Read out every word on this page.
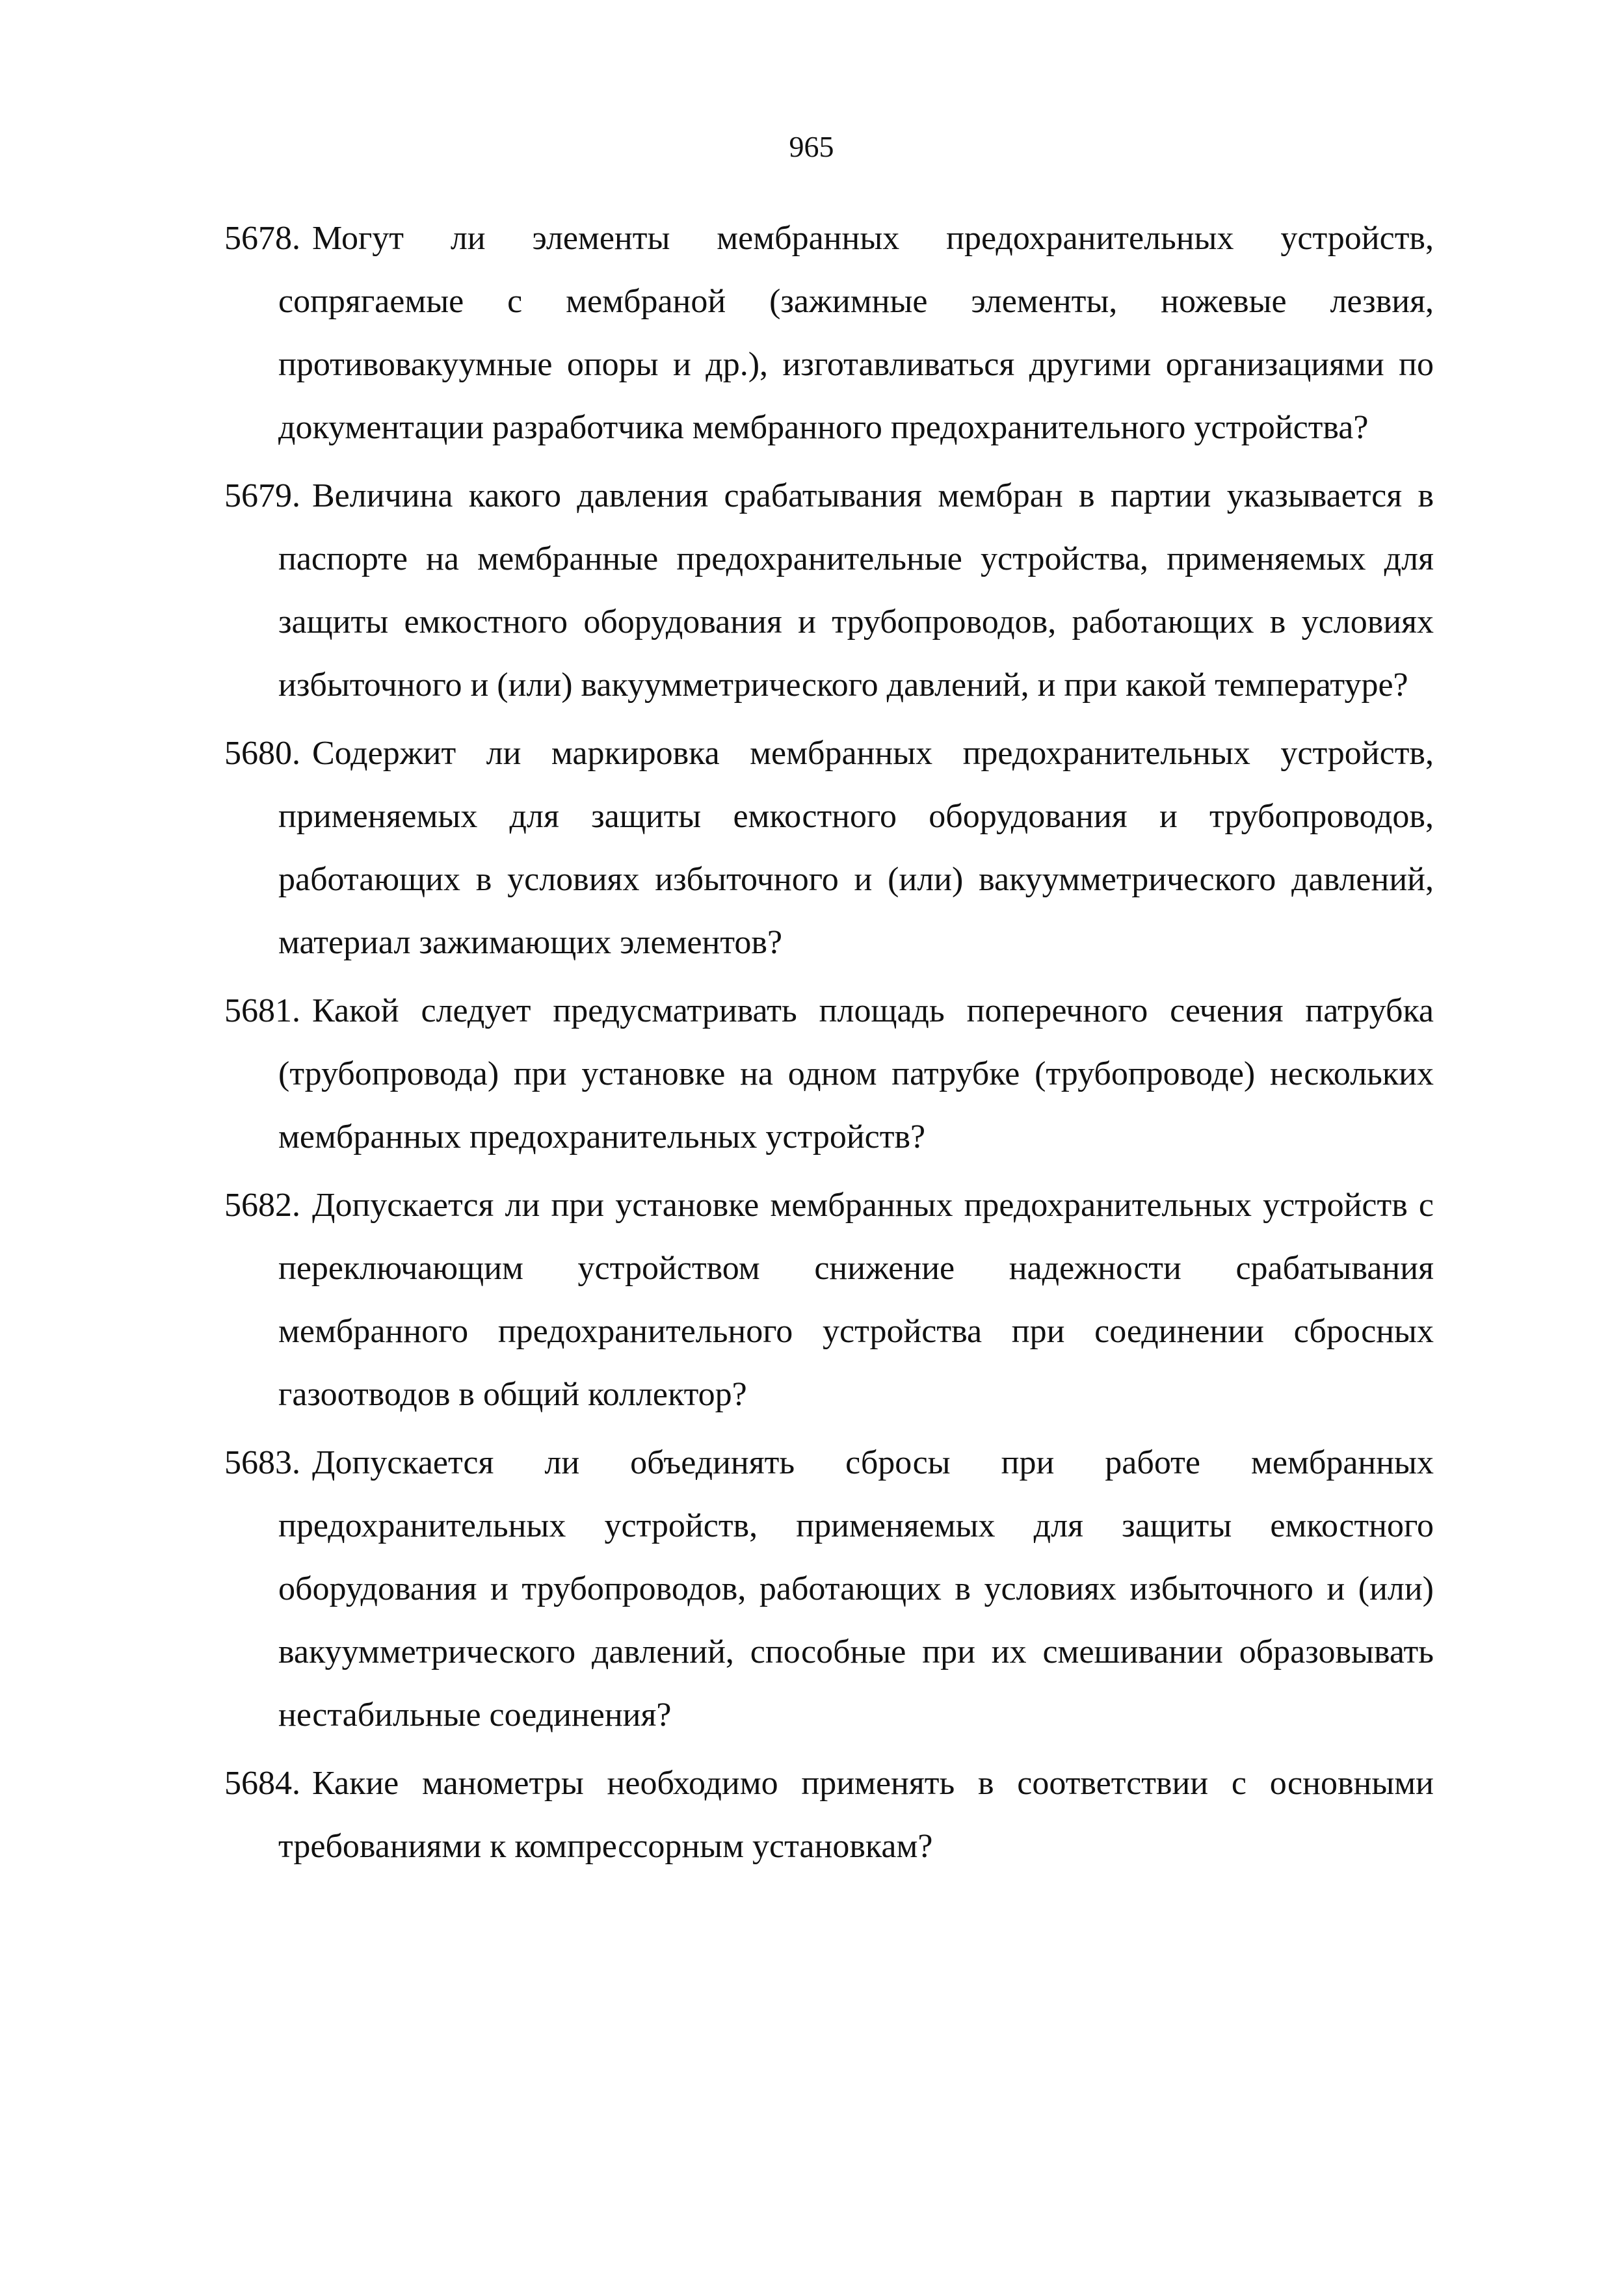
965
5678. Могут ли элементы мембранных предохранительных устройств, сопрягаемые с мембраной (зажимные элементы, ножевые лезвия, противовакуумные опоры и др.), изготавливаться другими организациями по документации разработчика мембранного предохранительного устройства?
5679. Величина какого давления срабатывания мембран в партии указывается в паспорте на мембранные предохранительные устройства, применяемых для защиты емкостного оборудования и трубопроводов, работающих в условиях избыточного и (или) вакуумметрического давлений, и при какой температуре?
5680. Содержит ли маркировка мембранных предохранительных устройств, применяемых для защиты емкостного оборудования и трубопроводов, работающих в условиях избыточного и (или) вакуумметрического давлений, материал зажимающих элементов?
5681. Какой следует предусматривать площадь поперечного сечения патрубка (трубопровода) при установке на одном патрубке (трубопроводе) нескольких мембранных предохранительных устройств?
5682. Допускается ли при установке мембранных предохранительных устройств с переключающим устройством снижение надежности срабатывания мембранного предохранительного устройства при соединении сбросных газоотводов в общий коллектор?
5683. Допускается ли объединять сбросы при работе мембранных предохранительных устройств, применяемых для защиты емкостного оборудования и трубопроводов, работающих в условиях избыточного и (или) вакуумметрического давлений, способные при их смешивании образовывать нестабильные соединения?
5684. Какие манометры необходимо применять в соответствии с основными требованиями к компрессорным установкам?
